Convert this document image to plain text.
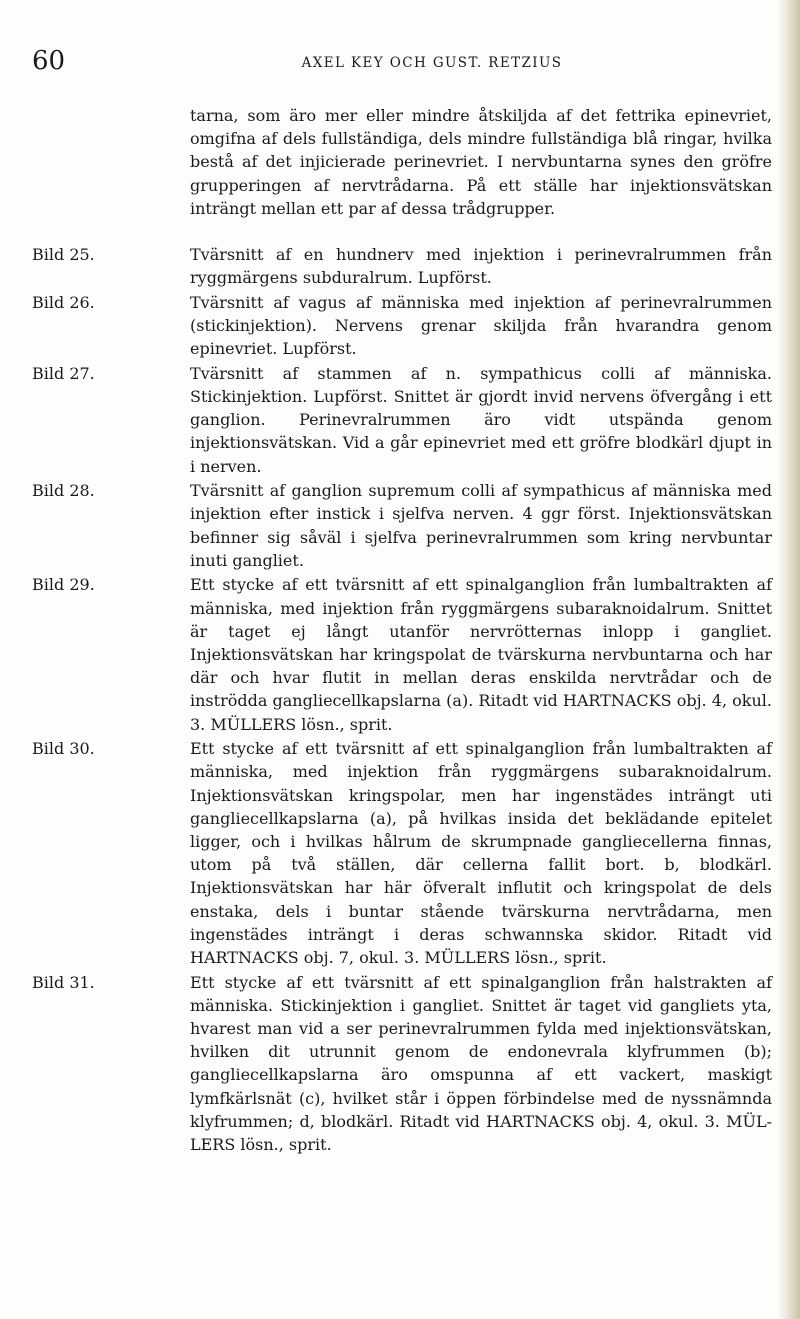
60	AXEL KEY OCH GUST. RETZIUS

tarna, som äro mer eller mindre åtskiljda af det fettrika epinevriet, omgifna af dels fullständiga, dels mindre fullständiga blå ringar, hvilka bestå af det injicierade perinevriet. I nervbuntarna synes den gröfre grupperingen af nervtrådarna. På ett ställe har injektionsvätskan inträngt mellan ett par af dessa trådgrupper.

Bild 25.	Tvärsnitt af en hundnerv med injektion i perinevralrummen från ryggmärgens subduralrum. Lupförst.
Bild 26.	Tvärsnitt af vagus af människa med injektion af perinevralrummen (stickinjektion). Nervens grenar skiljda från hvarandra genom epinevriet. Lupförst.
Bild 27.	Tvärsnitt af stammen af n. sympathicus colli af människa. Stickinjektion. Lupförst. Snittet är gjordt invid nervens öfvergång i ett ganglion. Perinevralrummen äro vidt utspända genom injektionsvätskan. Vid a går epinevriet med ett gröfre blodkärl djupt in i nerven.
Bild 28.	Tvärsnitt af ganglion supremum colli af sympathicus af människa med injektion efter instick i sjelfva nerven. 4 ggr först. Injektionsvätskan befinner sig såväl i sjelfva perinevralrummen som kring nervbuntar inuti gangliet.
Bild 29.	Ett stycke af ett tvärsnitt af ett spinalganglion från lumbaltrakten af människa, med injektion från ryggmärgens subaraknoidalrum. Snittet är taget ej långt utanför nervrötternas inlopp i gangliet. Injektionsvätskan har kringspolat de tvärskurna nervbuntarna och har där och hvar flutit in mellan deras enskilda nervtrådar och de inströdda gangliecellkapslarna (a). Ritadt vid HARTNACKS obj. 4, okul. 3. MÜLLERS lösn., sprit.
Bild 30.	Ett stycke af ett tvärsnitt af ett spinalganglion från lumbaltrakten af människa, med injektion från ryggmärgens subaraknoidalrum. Injektionsvätskan kringspolar, men har ingenstädes inträngt uti gangliecellkapslarna (a), på hvilkas insida det beklädande epitelet ligger, och i hvilkas hålrum de skrumpnade gangliecellerna finnas, utom på två ställen, där cellerna fallit bort. b, blodkärl. Injektionsvätskan har här öfveralt influtit och kringspolat de dels enstaka, dels i buntar stående tvärskurna nervtrådarna, men ingenstädes inträngt i deras schwannska skidor. Ritadt vid HARTNACKS obj. 7, okul. 3. MÜLLERS lösn., sprit.
Bild 31.	Ett stycke af ett tvärsnitt af ett spinalganglion från halstrakten af människa. Stickinjektion i gangliet. Snittet är taget vid gangliets yta, hvarest man vid a ser perinevralrummen fylda med injektionsvätskan, hvilken dit utrunnit genom de endonevrala klyfrummen (b); gangliecellkapslarna äro omspunna af ett vackert, maskigt lymfkärlsnät (c), hvilket står i öppen förbindelse med de nyssnämnda klyfrummen; d, blodkärl. Ritadt vid HARTNACKS obj. 4, okul. 3. MÜLLERS lösn., sprit.
